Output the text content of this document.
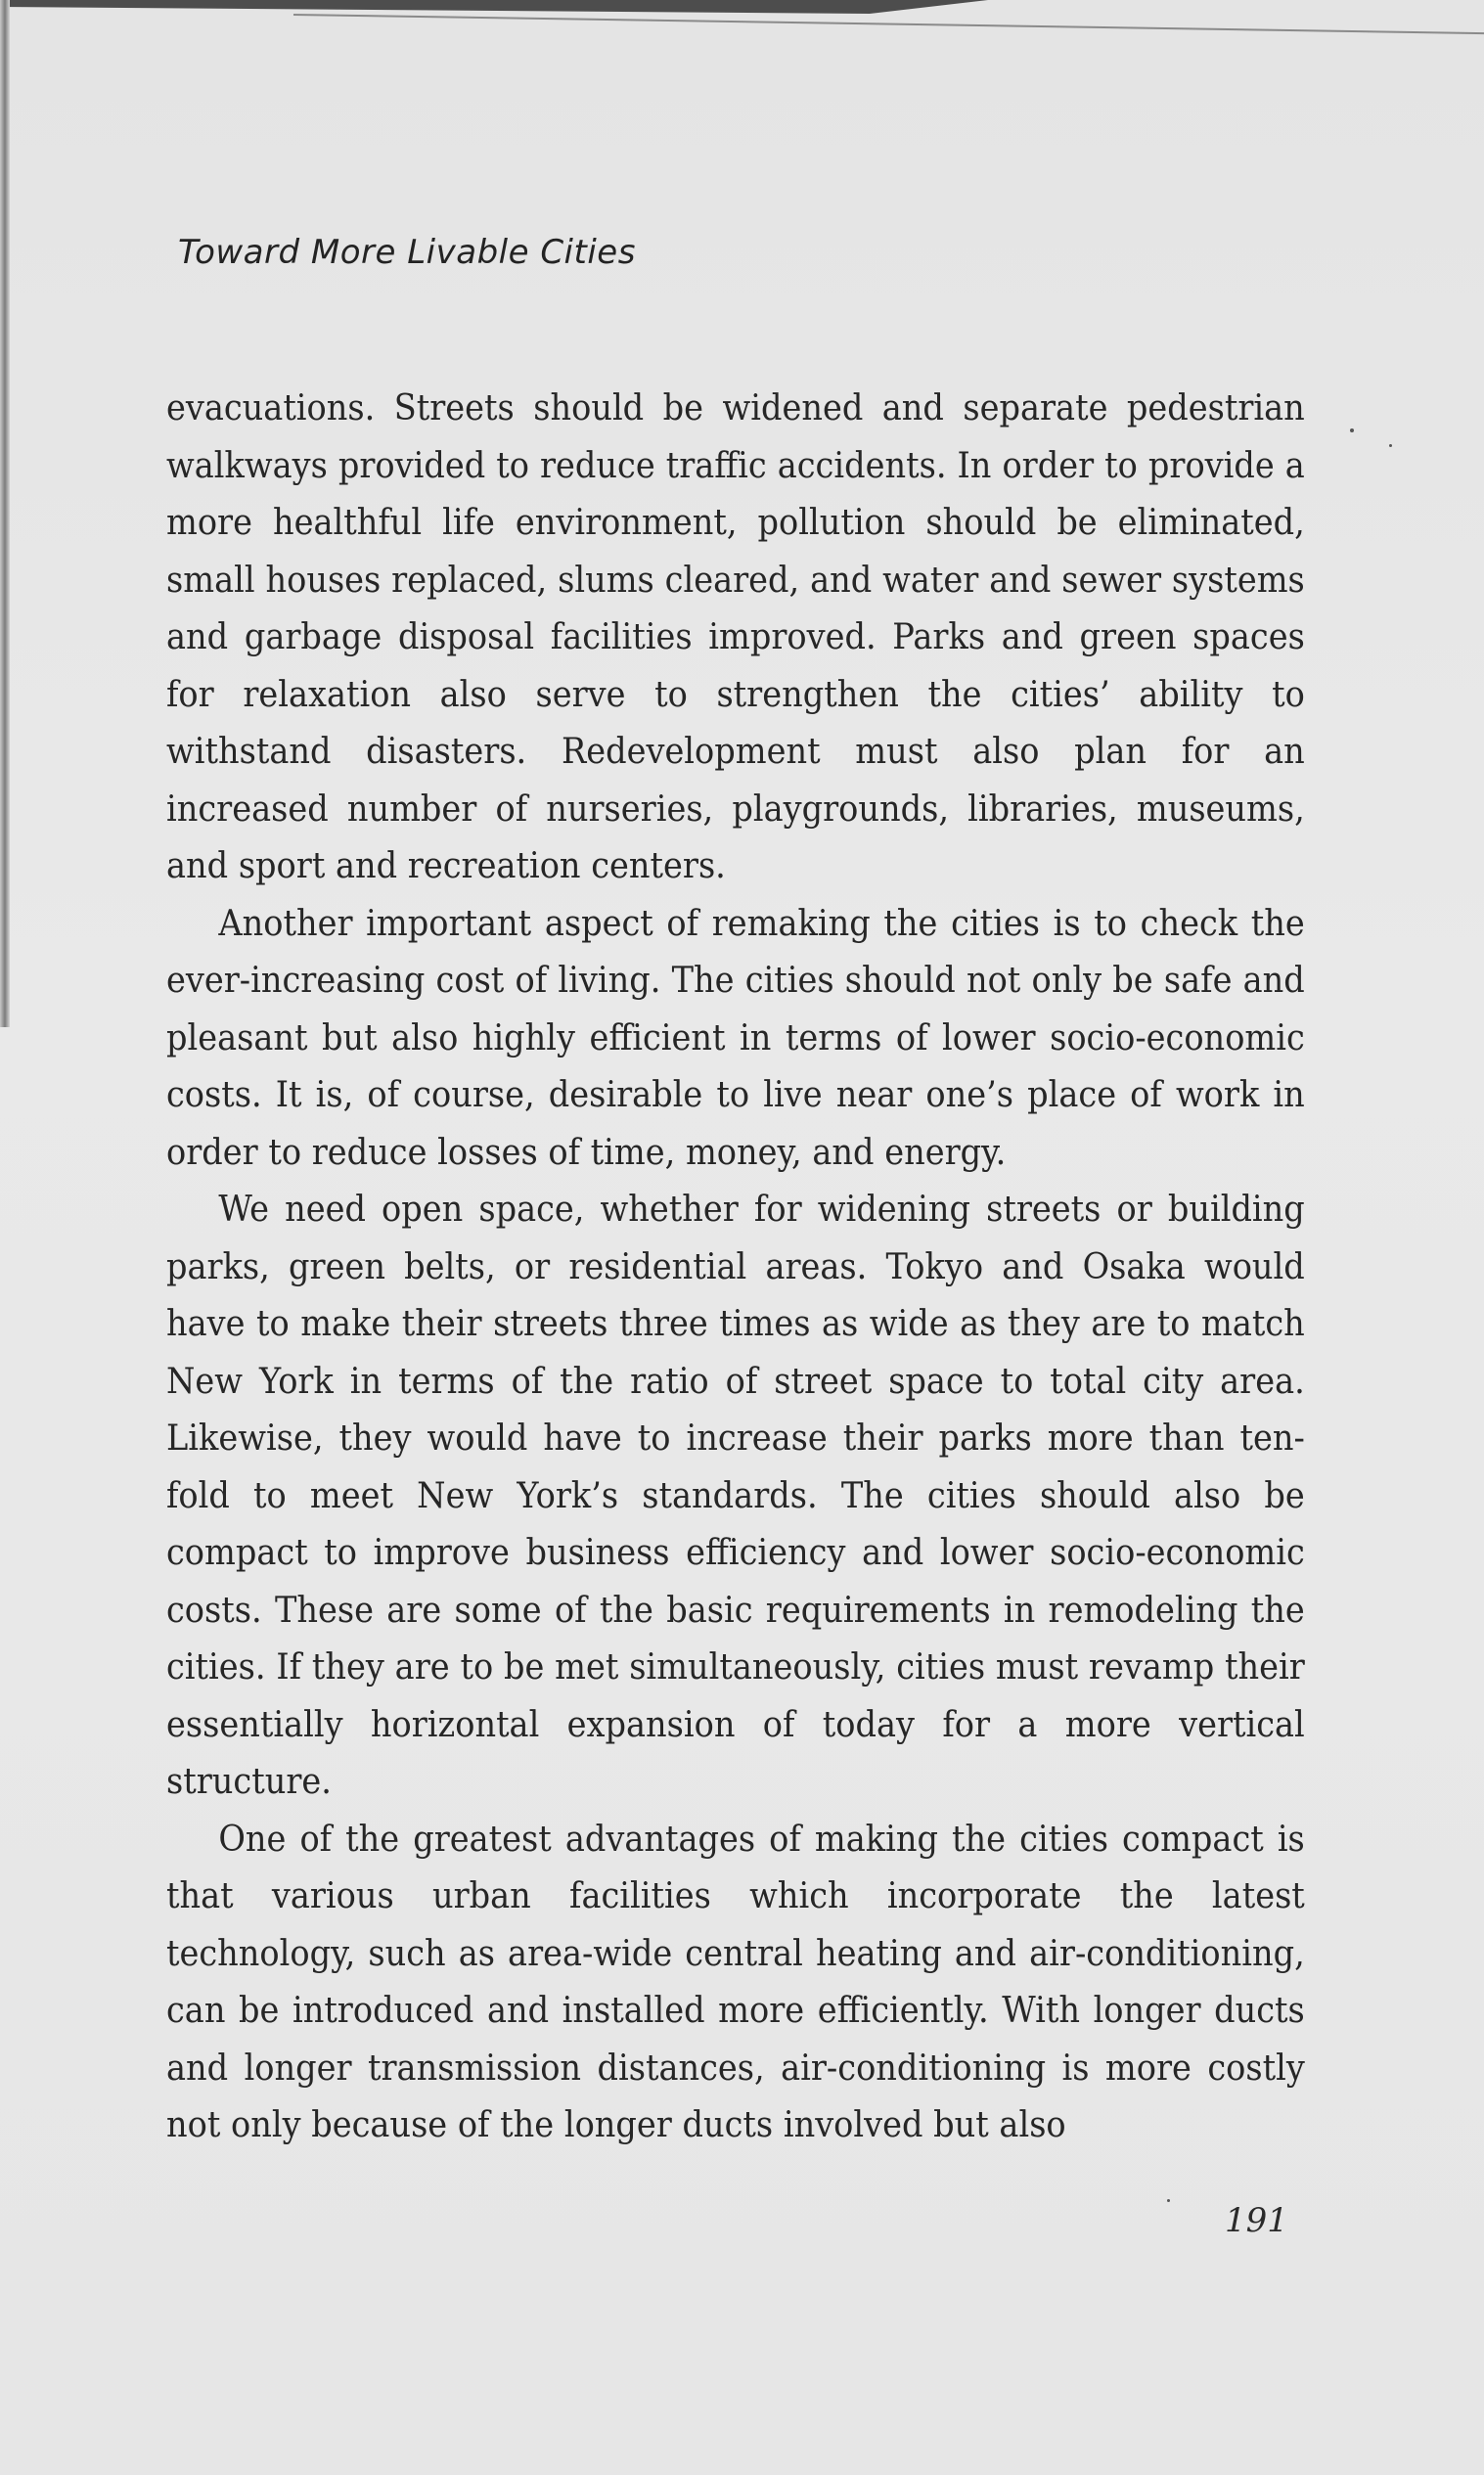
Toward More Livable Cities

evacuations. Streets should be widened and separate pedestrian walkways provided to reduce traffic accidents. In order to provide a more healthful life environment, pollution should be eliminated, small houses replaced, slums cleared, and water and sewer systems and garbage disposal facilities improved. Parks and green spaces for relaxation also serve to strengthen the cities’ ability to withstand disasters. Redevelopment must also plan for an increased number of nurseries, playgrounds, libraries, museums, and sport and recreation centers.

Another important aspect of remaking the cities is to check the ever-increasing cost of living. The cities should not only be safe and pleasant but also highly efficient in terms of lower socio-economic costs. It is, of course, desirable to live near one’s place of work in order to reduce losses of time, money, and energy.

We need open space, whether for widening streets or building parks, green belts, or residential areas. Tokyo and Osaka would have to make their streets three times as wide as they are to match New York in terms of the ratio of street space to total city area. Likewise, they would have to increase their parks more than ten-fold to meet New York’s standards. The cities should also be compact to improve business efficiency and lower socio-economic costs. These are some of the basic requirements in remodeling the cities. If they are to be met simultaneously, cities must revamp their essentially horizontal expansion of today for a more vertical structure.

One of the greatest advantages of making the cities compact is that various urban facilities which incorporate the latest technology, such as area-wide central heating and air-conditioning, can be introduced and installed more efficiently. With longer ducts and longer transmission distances, air-conditioning is more costly not only because of the longer ducts involved but also

191
